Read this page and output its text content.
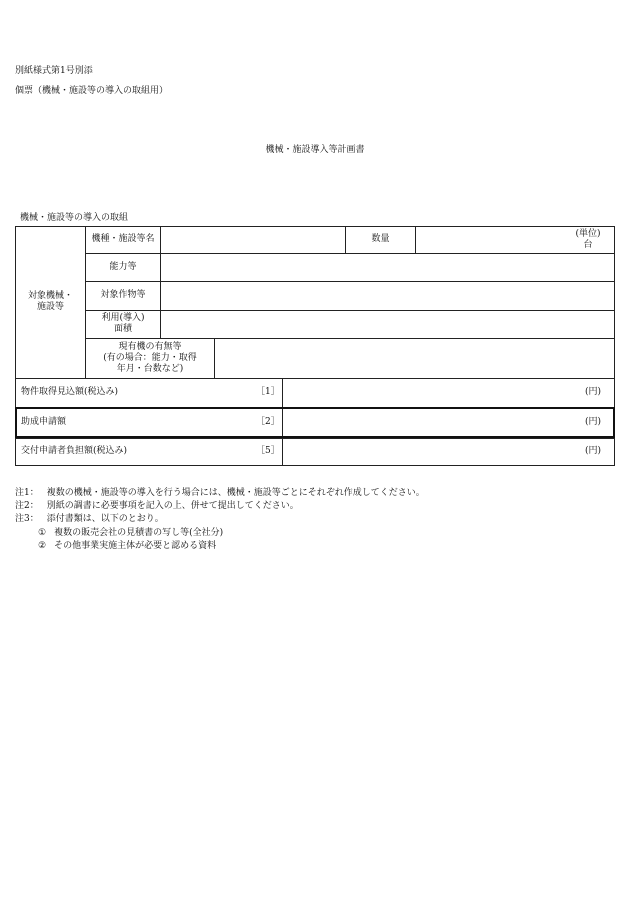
別紙様式第1号別添
個票（機械・施設等の導入の取組用）
機械・施設導入等計画書
機械・施設等の導入の取組
対象機械・
施設等
機種・施設等名	数量	(単位)
台
能力等
対象作物等
利用(導入)
面積
現有機の有無等
(有の場合：能力・取得
年月・台数など)
物件取得見込額(税込み)	［1］	(円)
助成申請額	［2］	(円)
交付申請者負担額(税込み)	［5］	(円)
注1： 複数の機械・施設等の導入を行う場合には、機械・施設等ごとにそれぞれ作成してください。
注2： 別紙の調書に必要事項を記入の上、併せて提出してください。
注3： 添付書類は、以下のとおり。
① 複数の販売会社の見積書の写し等(全社分)
② その他事業実施主体が必要と認める資料
